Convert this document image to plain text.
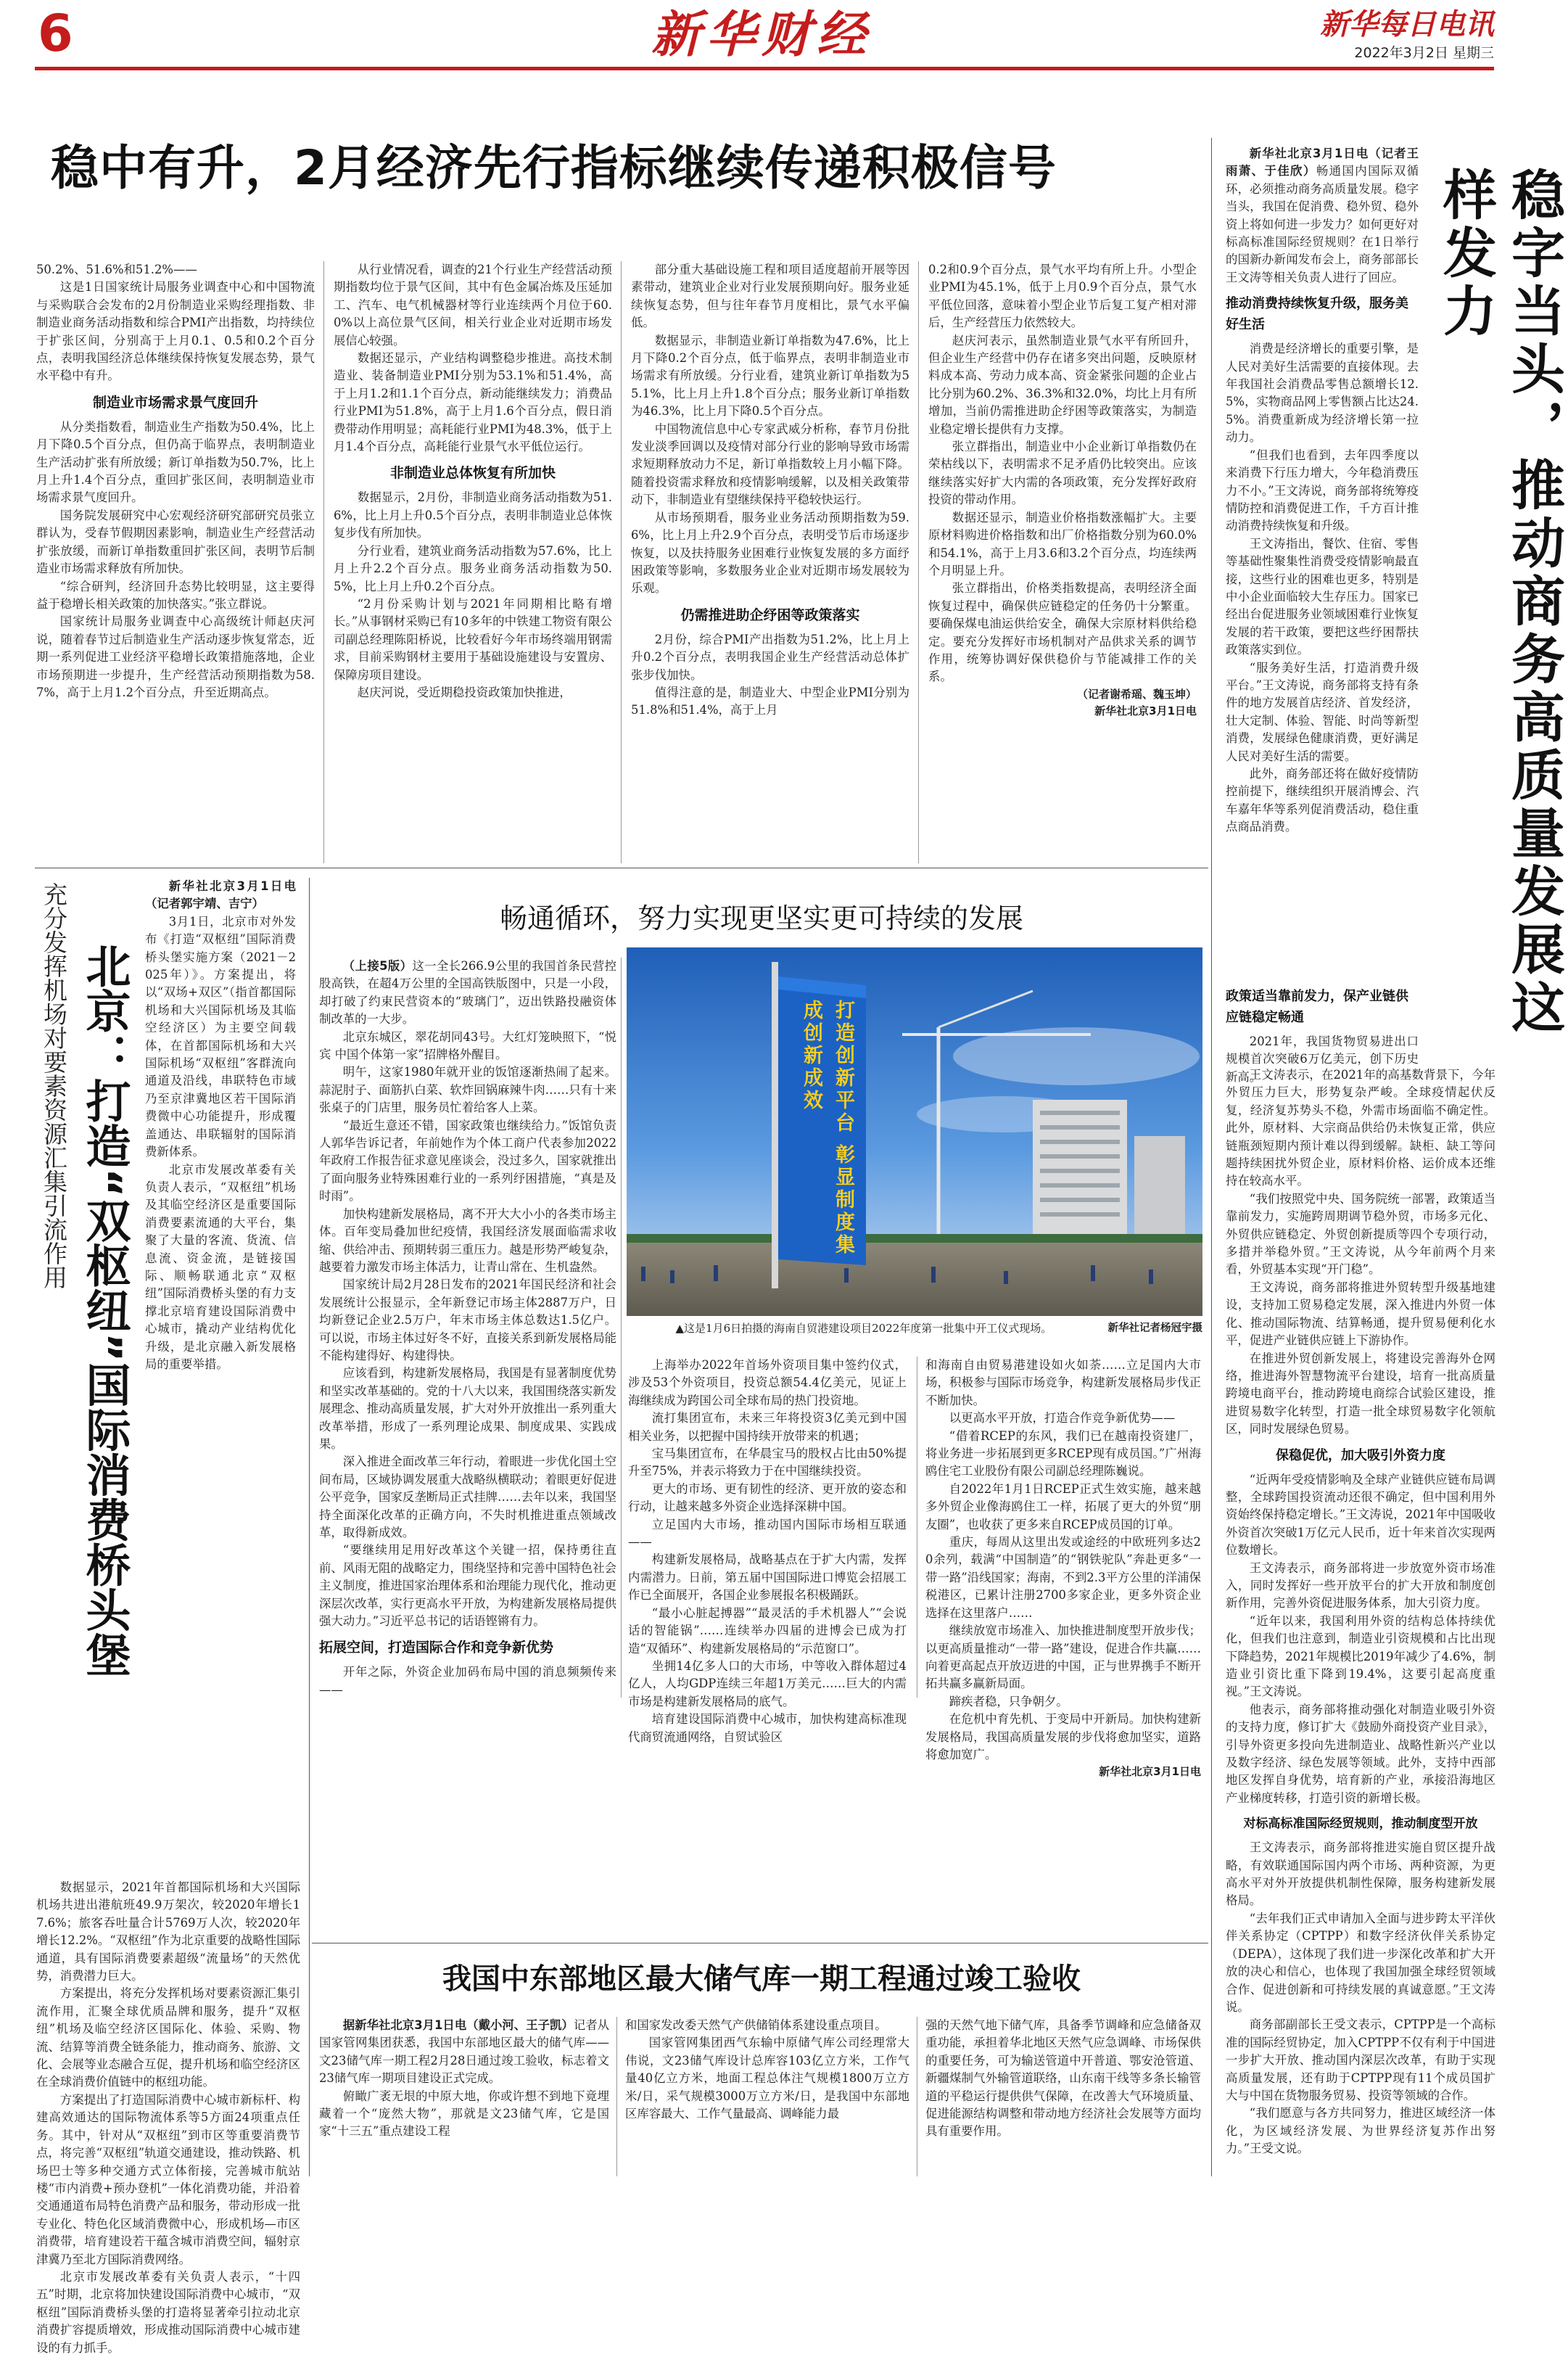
6	新华财经	新华每日电讯
2022年3月2日 星期三
稳中有升，2月经济先行指标继续传递积极信号

50.2%、51.6%和51.2%——

这是1日国家统计局服务业调查中心和中国物流与采购联合会发布的2月份制造业采购经理指数、非制造业商务活动指数和综合PMI产出指数，均持续位于扩张区间，分别高于上月0.1、0.5和0.2个百分点，表明我国经济总体继续保持恢复发展态势，景气水平稳中有升。

制造业市场需求景气度回升

从分类指数看，制造业生产指数为50.4%，比上月下降0.5个百分点，但仍高于临界点，表明制造业生产活动扩张有所放缓；新订单指数为50.7%，比上月上升1.4个百分点，重回扩张区间，表明制造业市场需求景气度回升。

国务院发展研究中心宏观经济研究部研究员张立群认为，受春节假期因素影响，制造业生产经营活动扩张放缓，而新订单指数重回扩张区间，表明节后制造业市场需求释放有所加快。

“综合研判，经济回升态势比较明显，这主要得益于稳增长相关政策的加快落实。”张立群说。

国家统计局服务业调查中心高级统计师赵庆河说，随着春节过后制造业生产活动逐步恢复常态，近期一系列促进工业经济平稳增长政策措施落地，企业市场预期进一步提升，生产经营活动预期指数为58.7%，高于上月1.2个百分点，升至近期高点。

从行业情况看，调查的21个行业生产经营活动预期指数均位于景气区间，其中有色金属冶炼及压延加工、汽车、电气机械器材等行业连续两个月位于60.0%以上高位景气区间，相关行业企业对近期市场发展信心较强。

数据还显示，产业结构调整稳步推进。高技术制造业、装备制造业PMI分别为53.1%和51.4%，高于上月1.2和1.1个百分点，新动能继续发力；消费品行业PMI为51.8%，高于上月1.6个百分点，假日消费带动作用明显；高耗能行业PMI为48.3%，低于上月1.4个百分点，高耗能行业景气水平低位运行。

非制造业总体恢复有所加快

数据显示，2月份，非制造业商务活动指数为51.6%，比上月上升0.5个百分点，表明非制造业总体恢复步伐有所加快。

分行业看，建筑业商务活动指数为57.6%，比上月上升2.2个百分点。服务业商务活动指数为50.5%，比上月上升0.2个百分点。

“2月份采购计划与2021年同期相比略有增长。”从事钢材采购已有10多年的中铁建工物资有限公司副总经理陈阳桥说，比较看好今年市场终端用钢需求，目前采购钢材主要用于基础设施建设与安置房、保障房项目建设。

赵庆河说，受近期稳投资政策加快推进，

部分重大基础设施工程和项目适度超前开展等因素带动，建筑业企业对行业发展预期向好。服务业延续恢复态势，但与往年春节月度相比，景气水平偏低。

数据显示，非制造业新订单指数为47.6%，比上月下降0.2个百分点，低于临界点，表明非制造业市场需求有所放缓。分行业看，建筑业新订单指数为55.1%，比上月上升1.8个百分点；服务业新订单指数为46.3%，比上月下降0.5个百分点。

中国物流信息中心专家武威分析称，春节月份批发业淡季回调以及疫情对部分行业的影响导致市场需求短期释放动力不足，新订单指数较上月小幅下降。随着投资需求释放和疫情影响缓解，以及相关政策带动下，非制造业有望继续保持平稳较快运行。

从市场预期看，服务业业务活动预期指数为59.6%，比上月上升2.9个百分点，表明受节后市场逐步恢复，以及扶持服务业困难行业恢复发展的多方面纾困政策等影响，多数服务业企业对近期市场发展较为乐观。

仍需推进助企纾困等政策落实

2月份，综合PMI产出指数为51.2%，比上月上升0.2个百分点，表明我国企业生产经营活动总体扩张步伐加快。

值得注意的是，制造业大、中型企业PMI分别为51.8%和51.4%，高于上月

0.2和0.9个百分点，景气水平均有所上升。小型企业PMI为45.1%，低于上月0.9个百分点，景气水平低位回落，意味着小型企业节后复工复产相对滞后，生产经营压力依然较大。

赵庆河表示，虽然制造业景气水平有所回升，但企业生产经营中仍存在诸多突出问题，反映原材料成本高、劳动力成本高、资金紧张问题的企业占比分别为60.2%、36.3%和32.0%，均比上月有所增加，当前仍需推进助企纾困等政策落实，为制造业稳定增长提供有力支撑。

张立群指出，制造业中小企业新订单指数仍在荣枯线以下，表明需求不足矛盾仍比较突出。应该继续落实好扩大内需的各项政策，充分发挥好政府投资的带动作用。

数据还显示，制造业价格指数涨幅扩大。主要原材料购进价格指数和出厂价格指数分别为60.0%和54.1%，高于上月3.6和3.2个百分点，均连续两个月明显上升。

张立群指出，价格类指数提高，表明经济全面恢复过程中，确保供应链稳定的任务仍十分繁重。要确保煤电油运供给安全，确保大宗原材料供给稳定。要充分发挥好市场机制对产品供求关系的调节作用，统筹协调好保供稳价与节能减排工作的关系。

（记者谢希瑶、魏玉坤）
新华社北京3月1日电	稳字当头，推动商务高质量发展这样发力

新华社北京3月1日电（记者王雨萧、于佳欣）畅通国内国际双循环，必须推动商务高质量发展。稳字当头，我国在促消费、稳外贸、稳外资上将如何进一步发力？如何更好对标高标准国际经贸规则？在1日举行的国新办新闻发布会上，商务部部长王文涛等相关负责人进行了回应。

推动消费持续恢复升级，服务美好生活

消费是经济增长的重要引擎，是人民对美好生活需要的直接体现。去年我国社会消费品零售总额增长12.5%，实物商品网上零售额占比达24.5%。消费重新成为经济增长第一拉动力。

“但我们也看到，去年四季度以来消费下行压力增大，今年稳消费压力不小。”王文涛说，商务部将统筹疫情防控和消费促进工作，千方百计推动消费持续恢复和升级。

王文涛指出，餐饮、住宿、零售等基础性聚集性消费受疫情影响最直接，这些行业的困难也更多，特别是中小企业面临较大生存压力。国家已经出台促进服务业领域困难行业恢复发展的若干政策，要把这些纾困帮扶政策落实到位。

“服务美好生活，打造消费升级平台。”王文涛说，商务部将支持有条件的地方发展首店经济、首发经济，壮大定制、体验、智能、时尚等新型消费，发展绿色健康消费，更好满足人民对美好生活的需要。

此外，商务部还将在做好疫情防控前提下，继续组织开展消博会、汽车嘉年华等系列促消费活动，稳住重点商品消费。

政策适当靠前发力，保产业链供应链稳定畅通

2021年，我国货物贸易进出口规模首次突破6万亿美元，创下历史新高。

王文涛表示，在2021年的高基数背景下，今年外贸压力巨大，形势复杂严峻。全球疫情起伏反复，经济复苏势头不稳，外需市场面临不确定性。此外，原材料、大宗商品供给仍未恢复正常，供应链瓶颈短期内预计难以得到缓解。缺柜、缺工等问题持续困扰外贸企业，原材料价格、运价成本还维持在较高水平。

“我们按照党中央、国务院统一部署，政策适当靠前发力，实施跨周期调节稳外贸，市场多元化、外贸供应链稳定、外贸创新提质等四个专项行动，多措并举稳外贸。”王文涛说，从今年前两个月来看，外贸基本实现“开门稳”。

王文涛说，商务部将推进外贸转型升级基地建设，支持加工贸易稳定发展，深入推进内外贸一体化、推动国际物流、结算畅通，提升贸易便利化水平，促进产业链供应链上下游协作。

在推进外贸创新发展上，将建设完善海外仓网络，推进海外智慧物流平台建设，培育一批高质量跨境电商平台，推动跨境电商综合试验区建设，推进贸易数字化转型，打造一批全球贸易数字化领航区，同时发展绿色贸易。

保稳促优，加大吸引外资力度

“近两年受疫情影响及全球产业链供应链布局调整，全球跨国投资流动还很不确定，但中国利用外资始终保持稳定增长。”王文涛说，2021年中国吸收外资首次突破1万亿元人民币，近十年来首次实现两位数增长。

王文涛表示，商务部将进一步放宽外资市场准入，同时发挥好一些开放平台的扩大开放和制度创新作用，完善外资促进服务体系，加大引资力度。

“近年以来，我国利用外资的结构总体持续优化，但我们也注意到，制造业引资规模和占比出现下降趋势，2021年规模比2019年减少了4.6%，制造业引资比重下降到19.4%，这要引起高度重视。”王文涛说。

他表示，商务部将推动强化对制造业吸引外资的支持力度，修订扩大《鼓励外商投资产业目录》，引导外资更多投向先进制造业、战略性新兴产业以及数字经济、绿色发展等领域。此外，支持中西部地区发挥自身优势，培育新的产业，承接沿海地区产业梯度转移，打造引资的新增长极。

对标高标准国际经贸规则，推动制度型开放

王文涛表示，商务部将推进实施自贸区提升战略，有效联通国际国内两个市场、两种资源，为更高水平对外开放提供机制性保障，服务构建新发展格局。

“去年我们正式申请加入全面与进步跨太平洋伙伴关系协定（CPTPP）和数字经济伙伴关系协定（DEPA），这体现了我们进一步深化改革和扩大开放的决心和信心，也体现了我国加强全球经贸领域合作、促进创新和可持续发展的真诚意愿。”王文涛说。

商务部副部长王受文表示，CPTPP是一个高标准的国际经贸协定，加入CPTPP不仅有利于中国进一步扩大开放、推动国内深层次改革，有助于实现高质量发展，还有助于CPTPP现有11个成员国扩大与中国在货物服务贸易、投资等领域的合作。

“我们愿意与各方共同努力，推进区域经济一体化，为区域经济发展、为世界经济复苏作出努力。”王受文说。

充分发挥机场对要素资源汇集引流作用 北京：打造“双枢纽”国际消费桥头堡
新华社北京3月1日电（记者郭宇靖、吉宁）

3月1日，北京市对外发布《打造“双枢纽”国际消费桥头堡实施方案（2021－2025年）》。方案提出，将以“双场+双区”（指首都国际机场和大兴国际机场及其临空经济区）为主要空间载体，在首都国际机场和大兴国际机场“双枢纽”客群流向通道及沿线，串联特色市域乃至京津冀地区若干国际消费微中心功能提升，形成覆盖通达、串联辐射的国际消费新体系。

北京市发展改革委有关负责人表示，“双枢纽”机场及其临空经济区是重要国际消费要素流通的大平台，集聚了大量的客流、货流、信息流、资金流，是链接国际、顺畅联通北京“双枢纽”国际消费桥头堡的有力支撑北京培育建设国际消费中心城市，撬动产业结构优化升级，是北京融入新发展格局的重要举措。

数据显示，2021年首都国际机场和大兴国际机场共进出港航班49.9万架次，较2020年增长17.6%；旅客吞吐量合计5769万人次，较2020年增长12.2%。“双枢纽”作为北京重要的战略性国际通道，具有国际消费要素超级“流量场”的天然优势，消费潜力巨大。

方案提出，将充分发挥机场对要素资源汇集引流作用，汇聚全球优质品牌和服务，提升“双枢纽”机场及临空经济区国际化、体验、采购、物流、结算等消费全链条能力，推动商务、旅游、文化、会展等业态融合互促，提升机场和临空经济区在全球消费价值链中的枢纽功能。

方案提出了打造国际消费中心城市新标杆、构建高效通达的国际物流体系等5方面24项重点任务。其中，针对从“双枢纽”到市区等重要消费节点，将完善“双枢纽”轨道交通建设，推动铁路、机场巴士等多种交通方式立体衔接，完善城市航站楼“市内消费+预办登机”一体化消费功能，并沿着交通通道布局特色消费产品和服务，带动形成一批专业化、特色化区域消费微中心，形成机场—市区消费带，培育建设若干蕴含城市消费空间，辐射京津冀乃至北方国际消费网络。

北京市发展改革委有关负责人表示，“十四五”时期，北京将加快建设国际消费中心城市，“双枢纽”国际消费桥头堡的打造将显著牵引拉动北京消费扩容提质增效，形成推动国际消费中心城市建设的有力抓手。

畅通循环，努力实现更坚实更可持续的发展
打造创新平台 彰显制度集成创新成效
▲这是1月6日拍摄的海南自贸港建设项目2022年度第一批集中开工仪式现场。	新华社记者杨冠宇摄

（上接5版）这一全长266.9公里的我国首条民营控股高铁，在超4万公里的全国高铁版图中，只是一小段，却打破了约束民营资本的“玻璃门”，迈出铁路投融资体制改革的一大步。

北京东城区，翠花胡同43号。大红灯笼映照下，“悦宾 中国个体第一家”招牌格外醒目。

明午，这家1980年就开业的饭馆逐渐热闹了起来。蒜泥肘子、面筋扒白菜、软炸回锅麻辣牛肉……只有十来张桌子的门店里，服务员忙着给客人上菜。

“最近生意还不错，国家政策也继续给力。”饭馆负责人郭华告诉记者，年前她作为个体工商户代表参加2022年政府工作报告征求意见座谈会，没过多久，国家就推出了面向服务业特殊困难行业的一系列纾困措施，“真是及时雨”。

加快构建新发展格局，离不开大大小小的各类市场主体。百年变局叠加世纪疫情，我国经济发展面临需求收缩、供给冲击、预期转弱三重压力。越是形势严峻复杂，越要着力激发市场主体活力，让青山常在、生机盎然。

国家统计局2月28日发布的2021年国民经济和社会发展统计公报显示，全年新登记市场主体2887万户，日均新登记企业2.5万户，年末市场主体总数达1.5亿户。可以说，市场主体过好冬不好，直接关系到新发展格局能不能构建得好、构建得快。

应该看到，构建新发展格局，我国是有显著制度优势和坚实改革基础的。党的十八大以来，我国围绕落实新发展理念、推动高质量发展，扩大对外开放推出一系列重大改革举措，形成了一系列理论成果、制度成果、实践成果。

深入推进全面改革三年行动，着眼进一步优化国土空间布局，区域协调发展重大战略纵横联动；着眼更好促进公平竞争，国家反垄断局正式挂牌……去年以来，我国坚持全面深化改革的正确方向，不失时机推进重点领域改革，取得新成效。

“要继续用足用好改革这个关键一招，保持勇往直前、风雨无阻的战略定力，围绕坚持和完善中国特色社会主义制度，推进国家治理体系和治理能力现代化，推动更深层次改革，实行更高水平开放，为构建新发展格局提供强大动力。”习近平总书记的话语铿锵有力。

拓展空间，打造国际合作和竞争新优势

开年之际，外资企业加码布局中国的消息频频传来——

上海举办2022年首场外资项目集中签约仪式，涉及53个外资项目，投资总额54.4亿美元，见证上海继续成为跨国公司全球布局的热门投资地。

流打集团宣布，未来三年将投资3亿美元到中国相关业务，以把握中国持续开放带来的机遇；

宝马集团宣布，在华晨宝马的股权占比由50%提升至75%，并表示将致力于在中国继续投资。

更大的市场、更有韧性的经济、更开放的姿态和行动，让越来越多外资企业选择深耕中国。

立足国内大市场，推动国内国际市场相互联通——

构建新发展格局，战略基点在于扩大内需，发挥内需潜力。日前，第五届中国国际进口博览会招展工作已全面展开，各国企业参展报名积极踊跃。

“最小心脏起搏器”“最灵活的手术机器人”“会说话的智能锅”……连续举办四届的进博会已成为打造“双循环”、构建新发展格局的“示范窗口”。

坐拥14亿多人口的大市场，中等收入群体超过4亿人，人均GDP连续三年超1万美元……巨大的内需市场是构建新发展格局的底气。

培育建设国际消费中心城市，加快构建高标准现代商贸流通网络，自贸试验区

和海南自由贸易港建设如火如荼……立足国内大市场，积极参与国际市场竞争，构建新发展格局步伐正不断加快。

以更高水平开放，打造合作竞争新优势——

“借着RCEP的东风，我们已在越南投资建厂，将业务进一步拓展到更多RCEP现有成员国。”广州海鸥住宅工业股份有限公司副总经理陈巍说。

自2022年1月1日RCEP正式生效实施，越来越多外贸企业像海鸥住工一样，拓展了更大的外贸“朋友圈”，也收获了更多来自RCEP成员国的订单。

重庆，每周从这里出发或途经的中欧班列多达20余列，载满“中国制造”的“钢铁驼队”奔赴更多“一带一路”沿线国家；海南，不到2.3平方公里的洋浦保税港区，已累计注册2700多家企业，更多外资企业选择在这里落户……

继续放宽市场准入、加快推进制度型开放步伐；以更高质量推动“一带一路”建设，促进合作共赢……向着更高起点开放迈进的中国，正与世界携手不断开拓共赢多赢新局面。

蹄疾者稳，只争朝夕。

在危机中育先机、于变局中开新局。加快构建新发展格局，我国高质量发展的步伐将愈加坚实，道路将愈加宽广。

新华社北京3月1日电
我国中东部地区最大储气库一期工程通过竣工验收

据新华社北京3月1日电（戴小河、王子凯）记者从国家管网集团获悉，我国中东部地区最大的储气库——文23储气库一期工程2月28日通过竣工验收，标志着文23储气库一期项目建设正式完成。

俯瞰广袤无垠的中原大地，你或许想不到地下竟埋藏着一个“庞然大物”，那就是文23储气库，它是国家“十三五”重点建设工程

和国家发改委天然气产供储销体系建设重点项目。

国家管网集团西气东输中原储气库公司经理常大伟说，文23储气库设计总库容103亿立方米，工作气量40亿立方米，地面工程总体注气规模1800万立方米/日，采气规模3000万立方米/日，是我国中东部地区库容最大、工作气量最高、调峰能力最

强的天然气地下储气库，具备季节调峰和应急储备双重功能，承担着华北地区天然气应急调峰、市场保供的重要任务，可为输送管道中开普道、鄂安沧管道、新疆煤制气外输管道联络，山东南干线等多条长输管道的平稳运行提供供气保障，在改善大气环境质量、促进能源结构调整和带动地方经济社会发展等方面均具有重要作用。
